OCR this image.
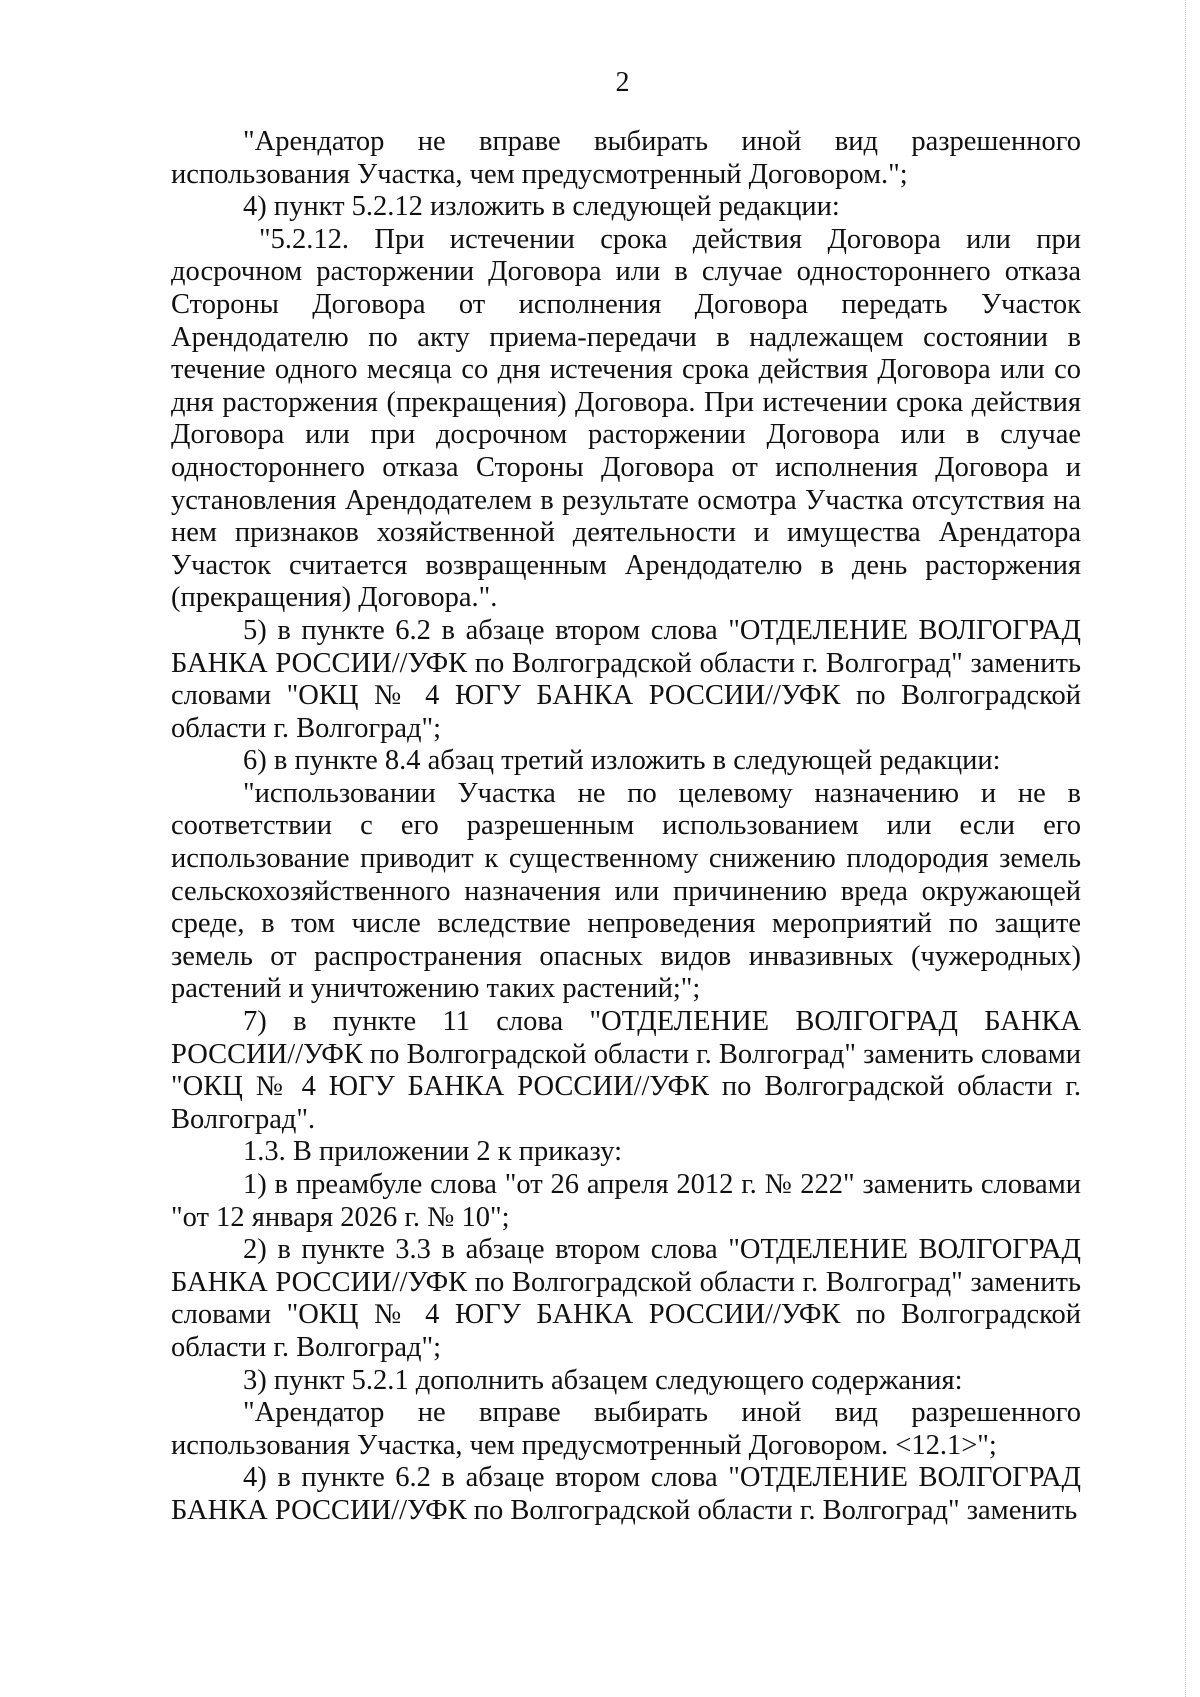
2

"Арендатор не вправе выбирать иной вид разрешенного использования Участка, чем предусмотренный Договором.";

4) пункт 5.2.12 изложить в следующей редакции:

"5.2.12. При истечении срока действия Договора или при досрочном расторжении Договора или в случае одностороннего отказа Стороны Договора от исполнения Договора передать Участок Арендодателю по акту приема-передачи в надлежащем состоянии в течение одного месяца со дня истечения срока действия Договора или со дня расторжения (прекращения) Договора. При истечении срока действия Договора или при досрочном расторжении Договора или в случае одностороннего отказа Стороны Договора от исполнения Договора и установления Арендодателем в результате осмотра Участка отсутствия на нем признаков хозяйственной деятельности и имущества Арендатора Участок считается возвращенным Арендодателю в день расторжения (прекращения) Договора.".

5) в пункте 6.2 в абзаце втором слова "ОТДЕЛЕНИЕ ВОЛГОГРАД БАНКА РОССИИ//УФК по Волгоградской области г. Волгоград" заменить словами "ОКЦ № 4 ЮГУ БАНКА РОССИИ//УФК по Волгоградской области г. Волгоград";

6) в пункте 8.4 абзац третий изложить в следующей редакции:

"использовании Участка не по целевому назначению и не в соответствии с его разрешенным использованием или если его использование приводит к существенному снижению плодородия земель сельскохозяйственного назначения или причинению вреда окружающей среде, в том числе вследствие непроведения мероприятий по защите земель от распространения опасных видов инвазивных (чужеродных) растений и уничтожению таких растений;";

7) в пункте 11 слова "ОТДЕЛЕНИЕ ВОЛГОГРАД БАНКА РОССИИ//УФК по Волгоградской области г. Волгоград" заменить словами "ОКЦ № 4 ЮГУ БАНКА РОССИИ//УФК по Волгоградской области г. Волгоград".

1.3. В приложении 2 к приказу:

1) в преамбуле слова "от 26 апреля 2012 г. № 222" заменить словами "от 12 января 2026 г. № 10";

2) в пункте 3.3 в абзаце втором слова "ОТДЕЛЕНИЕ ВОЛГОГРАД БАНКА РОССИИ//УФК по Волгоградской области г. Волгоград" заменить словами "ОКЦ № 4 ЮГУ БАНКА РОССИИ//УФК по Волгоградской области г. Волгоград";

3) пункт 5.2.1 дополнить абзацем следующего содержания:

"Арендатор не вправе выбирать иной вид разрешенного использования Участка, чем предусмотренный Договором. <12.1>";

4) в пункте 6.2 в абзаце втором слова "ОТДЕЛЕНИЕ ВОЛГОГРАД БАНКА РОССИИ//УФК по Волгоградской области г. Волгоград" заменить
